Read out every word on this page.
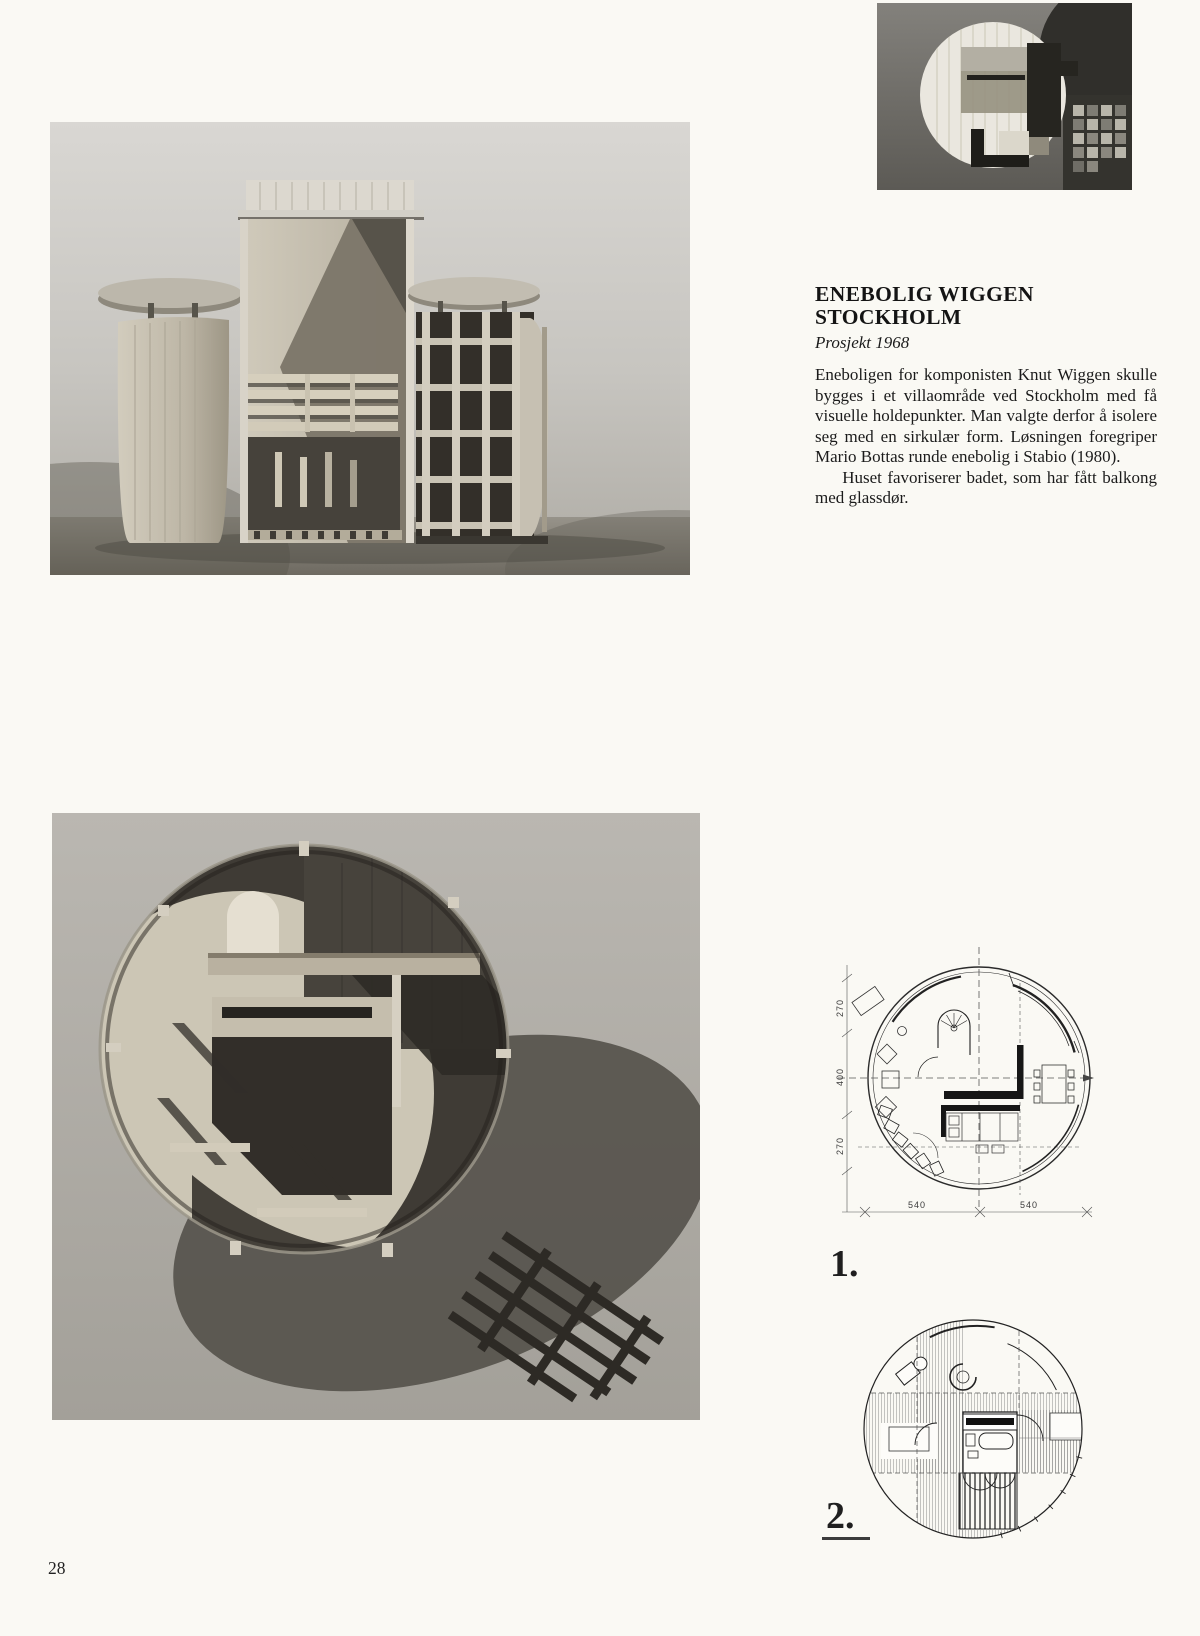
ENEBOLIG WIGGEN
STOCKHOLM

Prosjekt 1968

Eneboligen for komponisten Knut Wiggen skulle bygges i et villaområde ved Stockholm med få visuelle holdepunkter. Man valgte derfor å isolere seg med en sirkulær form. Løsningen foregriper Mario Bottas runde enebolig i Stabio (1980).

Huset favoriserer badet, som har fått balkong med glassdør.

270
400
270
540	540
1.
2.
28
